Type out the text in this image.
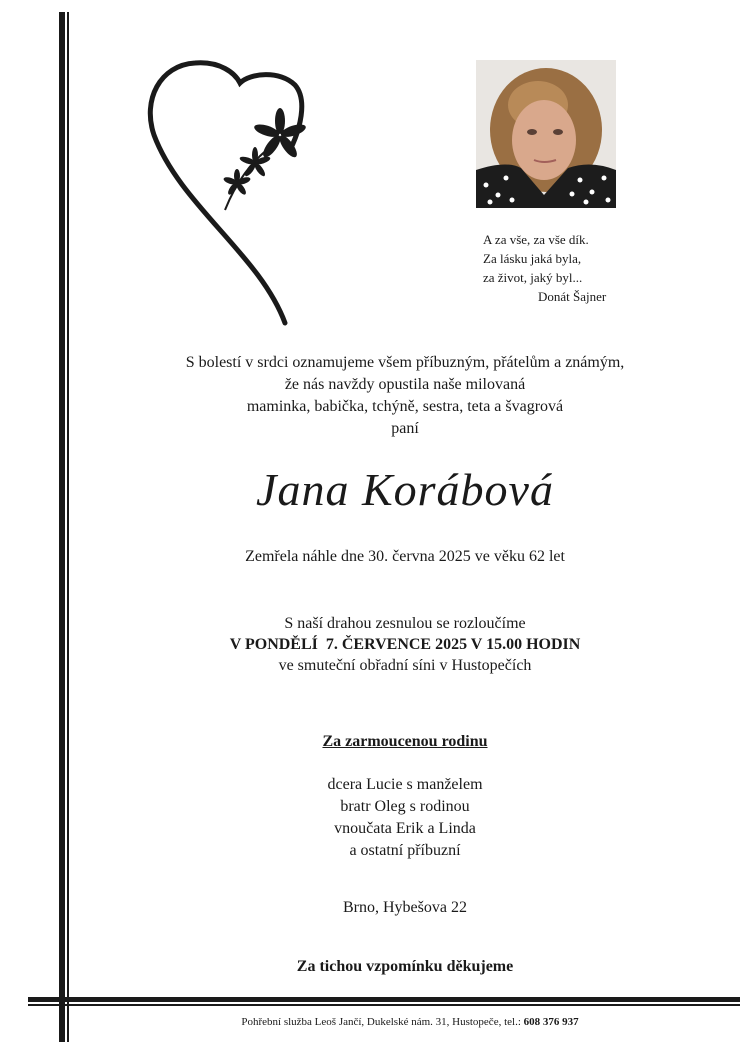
A za vše, za vše dík.
Za lásku jaká byla,
za život, jaký byl...
Donát Šajner
S bolestí v srdci oznamujeme všem příbuzným, přátelům a známým,
že nás navždy opustila naše milovaná
maminka, babička, tchýně, sestra, teta a švagrová
paní
Jana Korábová
Zemřela náhle dne 30. června 2025 ve věku 62 let
S naší drahou zesnulou se rozloučíme
V PONDĚLÍ  7. ČERVENCE 2025 V 15.00 HODIN
ve smuteční obřadní síni v Hustopečích
Za zarmoucenou rodinu
dcera Lucie s manželem
bratr Oleg s rodinou
vnoučata Erik a Linda
a ostatní příbuzní
Brno, Hybešova 22
Za tichou vzpomínku děkujeme
Pohřební služba Leoš Jančí, Dukelské nám. 31, Hustopeče, tel.: 608 376 937
